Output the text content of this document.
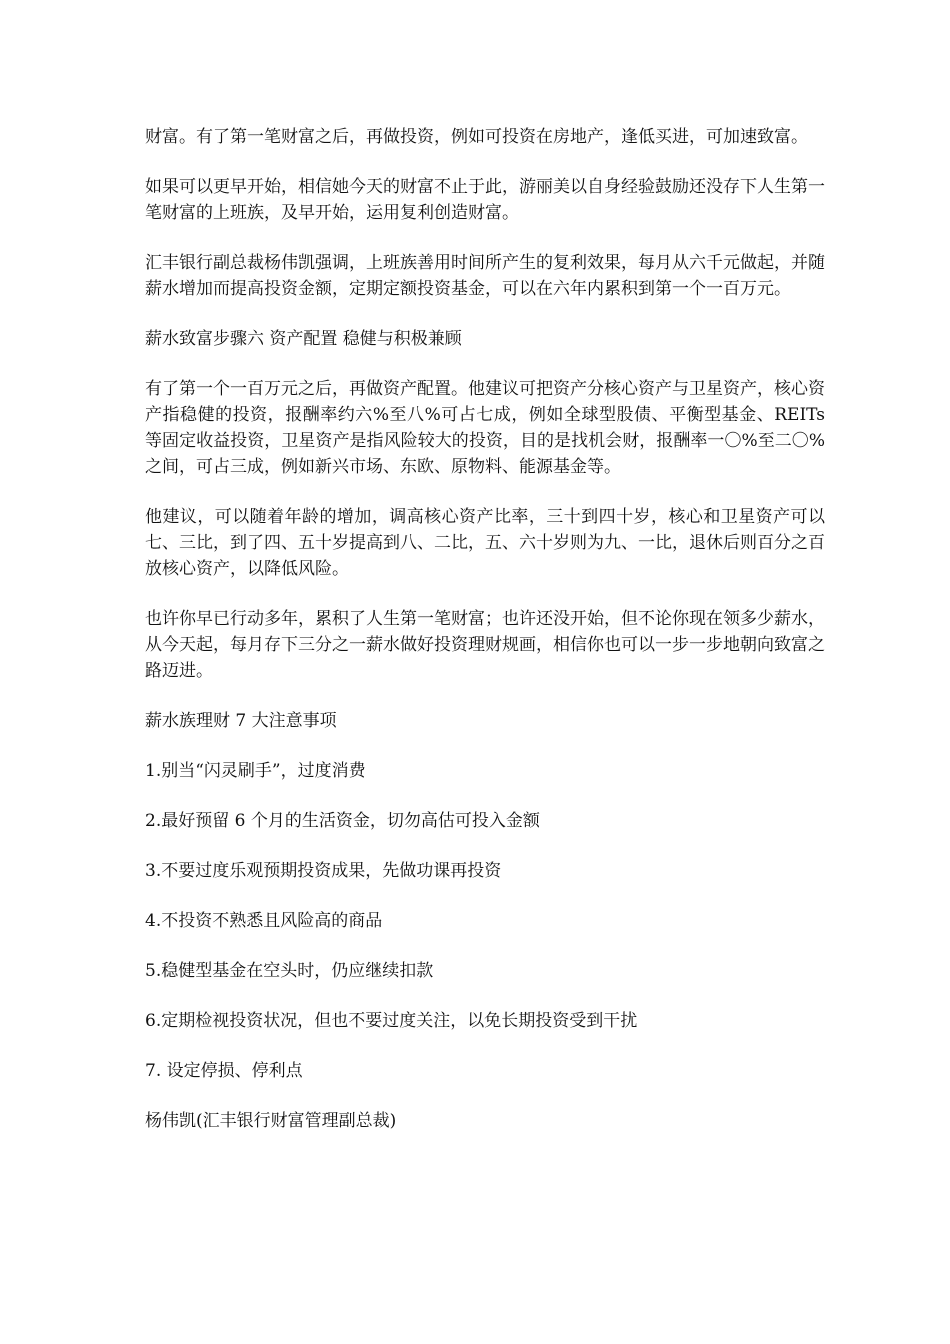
财富。有了第一笔财富之后，再做投资，例如可投资在房地产，逢低买进，可加速致富。

如果可以更早开始，相信她今天的财富不止于此，游丽美以自身经验鼓励还没存下人生第一笔财富的上班族，及早开始，运用复利创造财富。

汇丰银行副总裁杨伟凯强调，上班族善用时间所产生的复利效果，每月从六千元做起，并随薪水增加而提高投资金额，定期定额投资基金，可以在六年内累积到第一个一百万元。

薪水致富步骤六 资产配置 稳健与积极兼顾

有了第一个一百万元之后，再做资产配置。他建议可把资产分核心资产与卫星资产，核心资产指稳健的投资，报酬率约六%至八%可占七成，例如全球型股债、平衡型基金、REITs 等固定收益投资，卫星资产是指风险较大的投资，目的是找机会财，报酬率一〇%至二〇%之间，可占三成，例如新兴市场、东欧、原物料、能源基金等。

他建议，可以随着年龄的增加，调高核心资产比率，三十到四十岁，核心和卫星资产可以七、三比，到了四、五十岁提高到八、二比，五、六十岁则为九、一比，退休后则百分之百放核心资产，以降低风险。

也许你早已行动多年，累积了人生第一笔财富；也许还没开始，但不论你现在领多少薪水，从今天起，每月存下三分之一薪水做好投资理财规画，相信你也可以一步一步地朝向致富之路迈进。

薪水族理财 7 大注意事项

1.别当“闪灵刷手”，过度消费

2.最好预留 6 个月的生活资金，切勿高估可投入金额

3.不要过度乐观预期投资成果，先做功课再投资

4.不投资不熟悉且风险高的商品

5.稳健型基金在空头时，仍应继续扣款

6.定期检视投资状况，但也不要过度关注，以免长期投资受到干扰

7. 设定停损、停利点

杨伟凯(汇丰银行财富管理副总裁)
